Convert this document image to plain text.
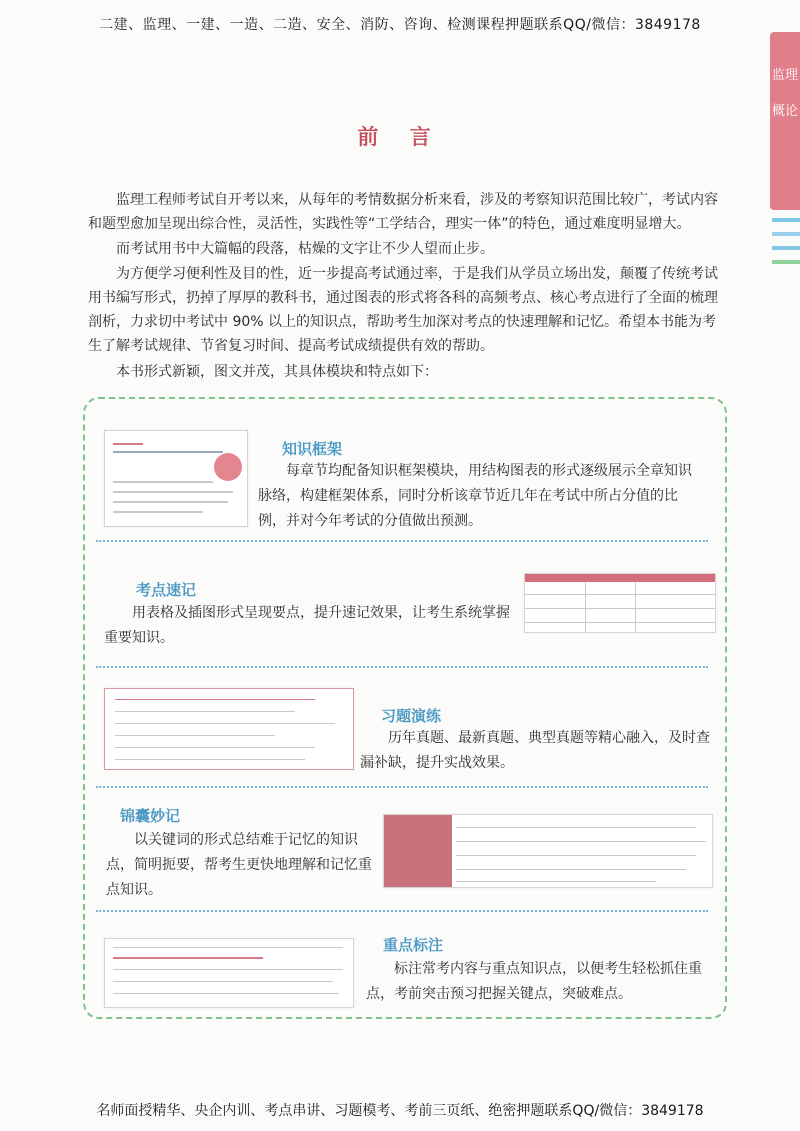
二建、监理、一建、一造、二造、安全、消防、咨询、检测课程押题联系QQ/微信：3849178
监理概论
前 言
监理工程师考试自开考以来，从每年的考情数据分析来看，涉及的考察知识范围比较广，考试内容和题型愈加呈现出综合性，灵活性，实践性等“工学结合，理实一体”的特色，通过难度明显增大。
而考试用书中大篇幅的段落，枯燥的文字让不少人望而止步。
为方便学习便利性及目的性，近一步提高考试通过率，于是我们从学员立场出发，颠覆了传统考试用书编写形式，扔掉了厚厚的教科书，通过图表的形式将各科的高频考点、核心考点进行了全面的梳理剖析，力求切中考试中 90% 以上的知识点，帮助考生加深对考点的快速理解和记忆。希望本书能为考生了解考试规律、节省复习时间、提高考试成绩提供有效的帮助。
本书形式新颖，图文并茂，其具体模块和特点如下：
知识框架
每章节均配备知识框架模块，用结构图表的形式逐级展示全章知识脉络，构建框架体系，同时分析该章节近几年在考试中所占分值的比例，并对今年考试的分值做出预测。
考点速记
用表格及插图形式呈现要点，提升速记效果，让考生系统掌握重要知识。
习题演练
历年真题、最新真题、典型真题等精心融入，及时查漏补缺，提升实战效果。
锦囊妙记
以关键词的形式总结难于记忆的知识点，简明扼要，帮考生更快地理解和记忆重点知识。
重点标注
标注常考内容与重点知识点，以便考生轻松抓住重点，考前突击预习把握关键点，突破难点。
名师面授精华、央企内训、考点串讲、习题模考、考前三页纸、绝密押题联系QQ/微信：3849178
